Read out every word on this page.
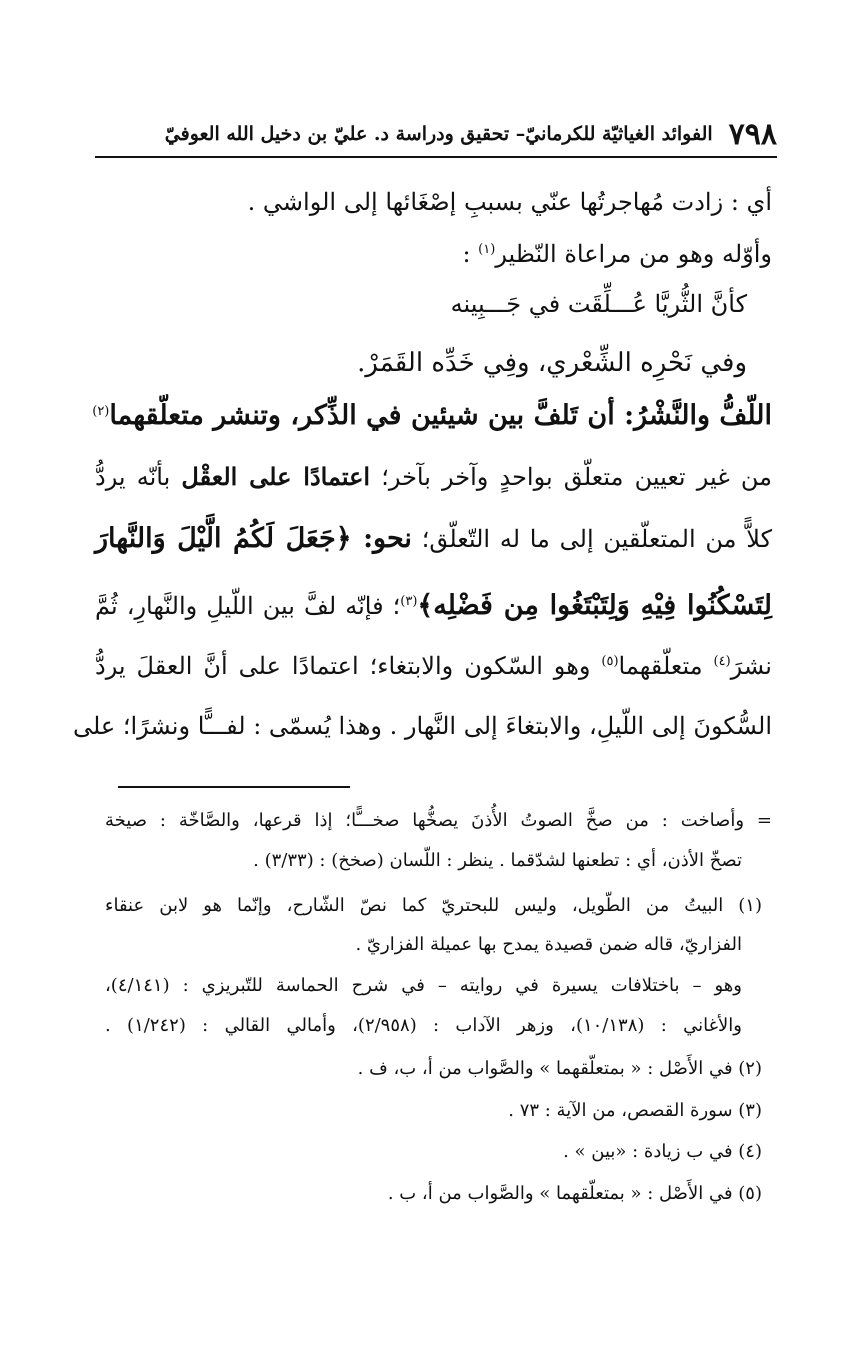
٧٩٨
الفوائد الغياثيّة للكرمانيّ– تحقيق ودراسة د. عليّ بن دخيل الله العوفيّ
أي : زادت مُهاجرتُها عنّي بسببِ إصْغَائها إلى الواشي .
وأوّله وهو من مراعاة النّظير$^{(١)}$ :
كأنَّ الثُّريَّا عُـــلِّقَت في جَـــبِينه
وفي نَحْرِه الشِّعْري، وفِي خَدِّه القَمَرْ.
اللّفُّ والنَّشْرُ: أن تَلفَّ بين شيئين في الذِّكر، وتنشر متعلّقهما$^{(٢)}$
من غير تعيين متعلّق بواحدٍ وآخر بآخر؛ اعتمادًا على العقْل بأنّه يردُّ
كلاًّ من المتعلّقين إلى ما له التّعلّق؛ نحو: ﴿جَعَلَ لَكُمُ الَّيْلَ وَالنَّهارَ
لِتَسْكُنُوا فِيْهِ وَلِتَبْتَغُوا مِن فَضْلِه﴾$^{(٣)}$؛ فإنّه لفَّ بين اللّيلِ والنَّهارِ، ثُمَّ
نشرَ$^{(٤)}$ متعلّقهما$^{(٥)}$ وهو السّكون والابتغاء؛ اعتمادًا على أنَّ العقلَ يردُّ
السُّكونَ إلى اللّيلِ، والابتغاءَ إلى النَّهار . وهذا يُسمّى : لفـــًّا ونشرًا؛ على
= وأصاخت : من صخَّ الصوتُ الأُذنَ يصخُّها صخـــًّا؛ إذا قرعها، والصَّاخّة : صيخة
تصخّ الأذن، أي : تطعنها لشدّقما . ينظر : اللّسان (صخخ) : (٣/٣٣) .
(١) البيتُ من الطّويل، وليس للبحتريّ كما نصّ الشّارح، وإنّما هو لابن عنقاء
الفزاريّ، قاله ضمن قصيدة يمدح بها عميلة الفزاريّ .
وهو – باختلافات يسيرة في روايته – في شرح الحماسة للتّبريزي : (٤/١٤١)،
والأغاني : (١٠/١٣٨)، وزهر الآداب : (٢/٩٥٨)، وأمالي القالي : (١/٢٤٢) .
(٢) في الأَصْل : « بمتعلّقهما » والصَّواب من أ، ب، ف .
(٣) سورة القصص، من الآية : ٧٣ .
(٤) في ب زيادة : «بين » .
(٥) في الأَصْل : « بمتعلّقهما » والصَّواب من أ، ب .
